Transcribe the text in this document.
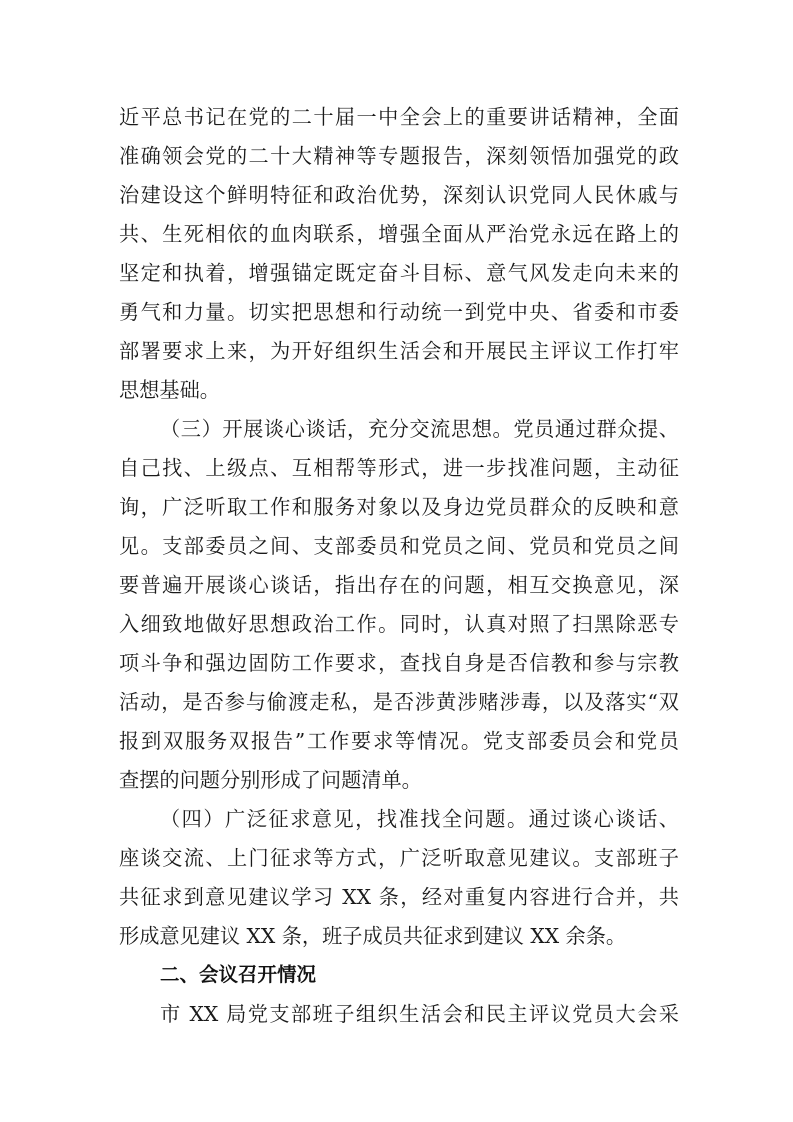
近平总书记在党的二十届一中全会上的重要讲话精神，全面
准确领会党的二十大精神等专题报告，深刻领悟加强党的政
治建设这个鲜明特征和政治优势，深刻认识党同人民休戚与
共、生死相依的血肉联系，增强全面从严治党永远在路上的
坚定和执着，增强锚定既定奋斗目标、意气风发走向未来的
勇气和力量。切实把思想和行动统一到党中央、省委和市委
部署要求上来，为开好组织生活会和开展民主评议工作打牢
思想基础。
（三）开展谈心谈话，充分交流思想。党员通过群众提、
自己找、上级点、互相帮等形式，进一步找准问题，主动征
询，广泛听取工作和服务对象以及身边党员群众的反映和意
见。支部委员之间、支部委员和党员之间、党员和党员之间
要普遍开展谈心谈话，指出存在的问题，相互交换意见，深
入细致地做好思想政治工作。同时，认真对照了扫黑除恶专
项斗争和强边固防工作要求，查找自身是否信教和参与宗教
活动，是否参与偷渡走私，是否涉黄涉赌涉毒，以及落实“双
报到双服务双报告”工作要求等情况。党支部委员会和党员
查摆的问题分别形成了问题清单。
（四）广泛征求意见，找准找全问题。通过谈心谈话、
座谈交流、上门征求等方式，广泛听取意见建议。支部班子
共征求到意见建议学习 XX 条，经对重复内容进行合并，共
形成意见建议 XX 条，班子成员共征求到建议 XX 余条。
二、会议召开情况
市 XX 局党支部班子组织生活会和民主评议党员大会采
